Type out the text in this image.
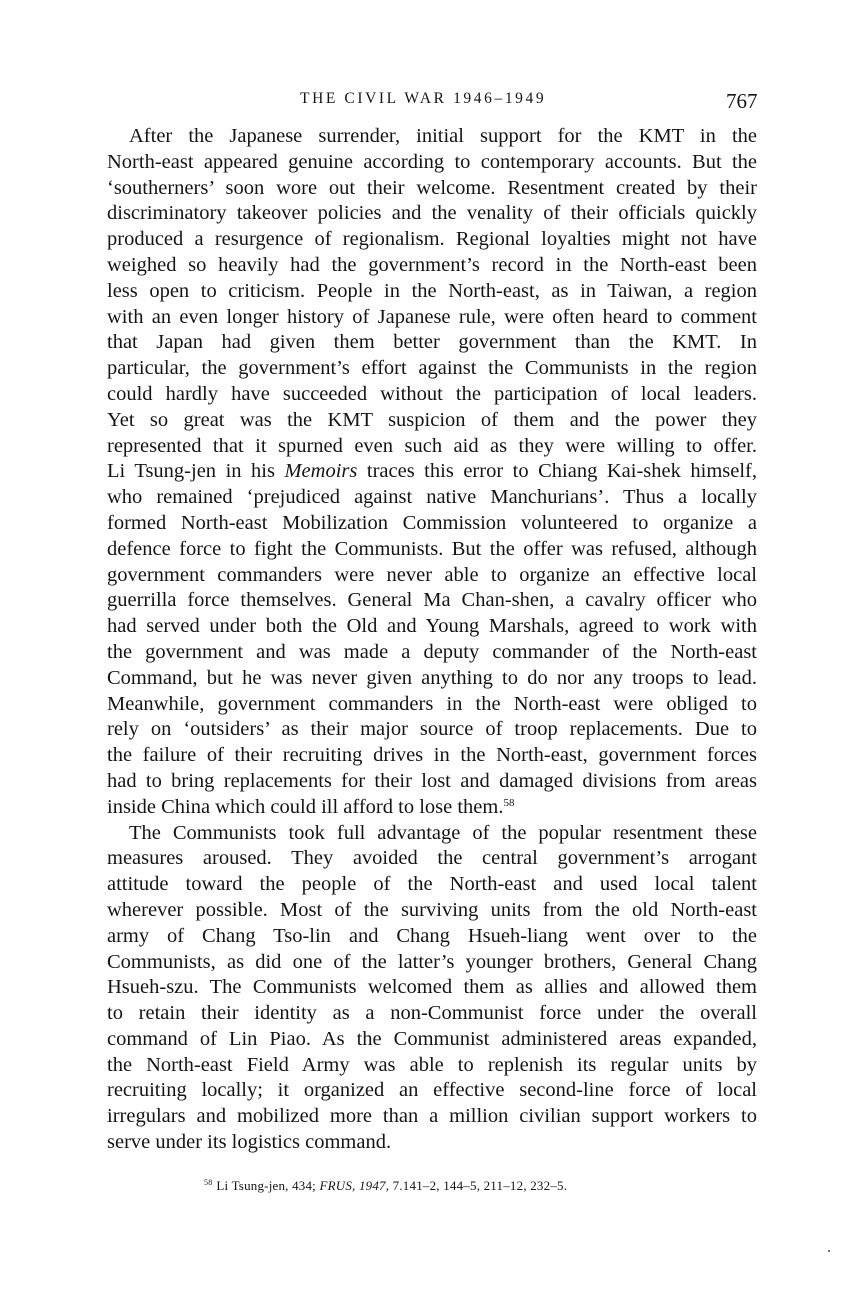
THE CIVIL WAR 1946–1949	767
After the Japanese surrender, initial support for the KMT in the
North-east appeared genuine according to contemporary accounts. But the
‘southerners’ soon wore out their welcome. Resentment created by their
discriminatory takeover policies and the venality of their officials quickly
produced a resurgence of regionalism. Regional loyalties might not have
weighed so heavily had the government’s record in the North-east been
less open to criticism. People in the North-east, as in Taiwan, a region
with an even longer history of Japanese rule, were often heard to comment
that Japan had given them better government than the KMT. In
particular, the government’s effort against the Communists in the region
could hardly have succeeded without the participation of local leaders.
Yet so great was the KMT suspicion of them and the power they
represented that it spurned even such aid as they were willing to offer.
Li Tsung-jen in his Memoirs traces this error to Chiang Kai-shek himself,
who remained ‘prejudiced against native Manchurians’. Thus a locally
formed North-east Mobilization Commission volunteered to organize a
defence force to fight the Communists. But the offer was refused, although
government commanders were never able to organize an effective local
guerrilla force themselves. General Ma Chan-shen, a cavalry officer who
had served under both the Old and Young Marshals, agreed to work with
the government and was made a deputy commander of the North-east
Command, but he was never given anything to do nor any troops to lead.
Meanwhile, government commanders in the North-east were obliged to
rely on ‘outsiders’ as their major source of troop replacements. Due to
the failure of their recruiting drives in the North-east, government forces
had to bring replacements for their lost and damaged divisions from areas
inside China which could ill afford to lose them.$^{58}$
The Communists took full advantage of the popular resentment these
measures aroused. They avoided the central government’s arrogant
attitude toward the people of the North-east and used local talent
wherever possible. Most of the surviving units from the old North-east
army of Chang Tso-lin and Chang Hsueh-liang went over to the
Communists, as did one of the latter’s younger brothers, General Chang
Hsueh-szu. The Communists welcomed them as allies and allowed them
to retain their identity as a non-Communist force under the overall
command of Lin Piao. As the Communist administered areas expanded,
the North-east Field Army was able to replenish its regular units by
recruiting locally; it organized an effective second-line force of local
irregulars and mobilized more than a million civilian support workers to
serve under its logistics command.
$^{58}$ Li Tsung-jen, 434; FRUS, 1947, 7.141–2, 144–5, 211–12, 232–5.
